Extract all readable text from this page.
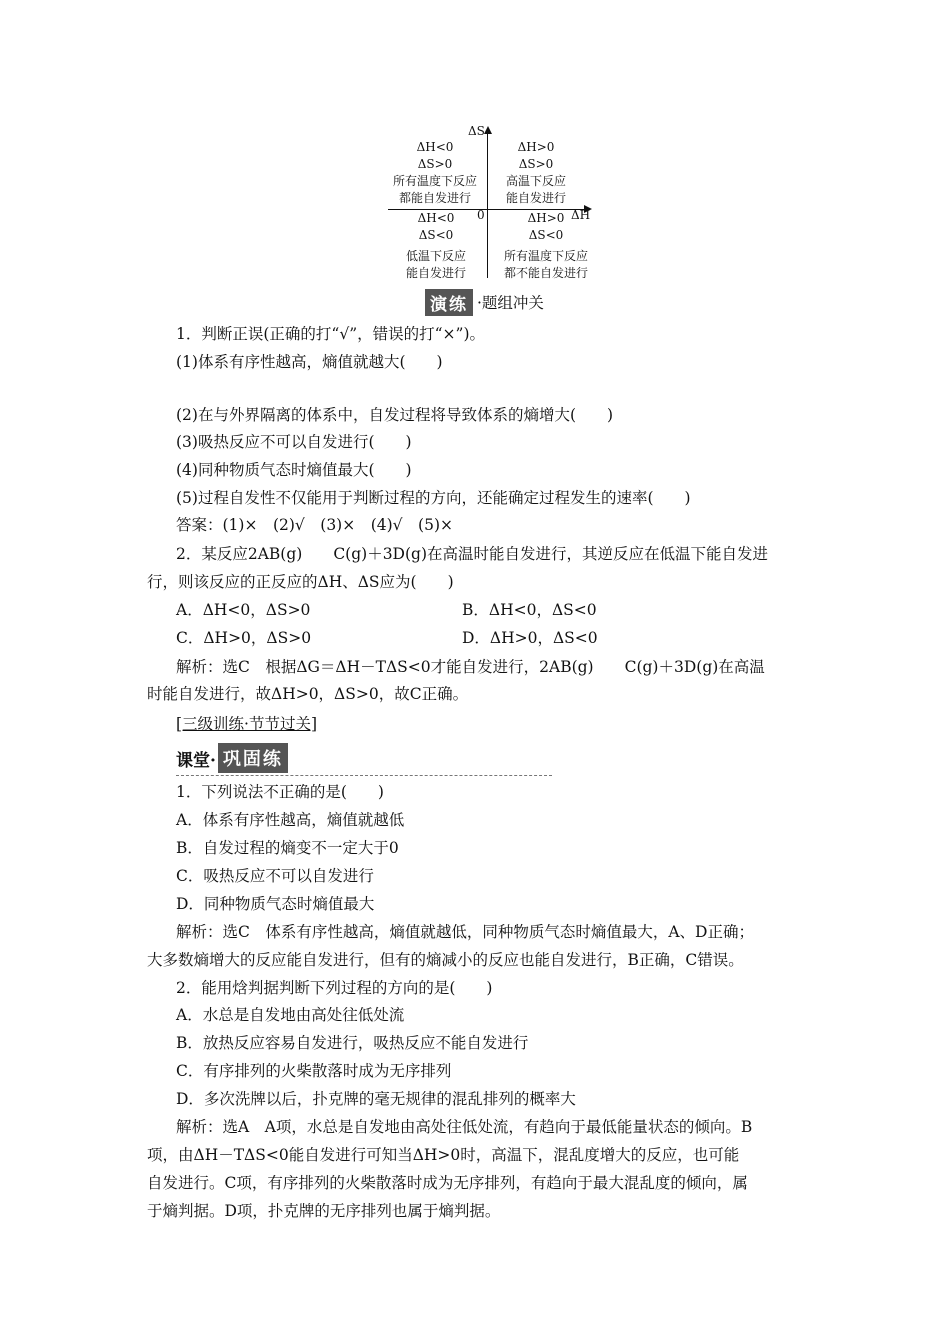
ΔS
ΔH
0
ΔH<0
ΔS>0
所有温度下反应
都能自发进行
ΔH>0
ΔS>0
高温下反应
能自发进行
ΔH<0
ΔS<0
低温下反应
能自发进行
ΔH>0
ΔS<0
所有温度下反应
都不能自发进行
演练 ·题组冲关
1．判断正误(正确的打“√”，错误的打“×”)。
(1)体系有序性越高，熵值就越大(　　)
(2)在与外界隔离的体系中，自发过程将导致体系的熵增大(　　)
(3)吸热反应不可以自发进行(　　)
(4)同种物质气态时熵值最大(　　)
(5)过程自发性不仅能用于判断过程的方向，还能确定过程发生的速率(　　)
答案：(1)×　(2)√　(3)×　(4)√　(5)×
2．某反应2AB(g)　　C(g)＋3D(g)在高温时能自发进行，其逆反应在低温下能自发进
行，则该反应的正反应的ΔH、ΔS应为(　　)
A．ΔH<0，ΔS>0	B．ΔH<0，ΔS<0
C．ΔH>0，ΔS>0	D．ΔH>0，ΔS<0
解析：选C　根据ΔG＝ΔH－TΔS<0才能自发进行，2AB(g)　　C(g)＋3D(g)在高温
时能自发进行，故ΔH>0，ΔS>0，故C正确。
[三级训练·节节过关]
课堂· 巩固练
1．下列说法不正确的是(　　)
A．体系有序性越高，熵值就越低
B．自发过程的熵变不一定大于0
C．吸热反应不可以自发进行
D．同种物质气态时熵值最大
解析：选C　体系有序性越高，熵值就越低，同种物质气态时熵值最大，A、D正确；
大多数熵增大的反应能自发进行，但有的熵减小的反应也能自发进行，B正确，C错误。
2．能用焓判据判断下列过程的方向的是(　　)
A．水总是自发地由高处往低处流
B．放热反应容易自发进行，吸热反应不能自发进行
C．有序排列的火柴散落时成为无序排列
D．多次洗牌以后，扑克牌的毫无规律的混乱排列的概率大
解析：选A　A项，水总是自发地由高处往低处流，有趋向于最低能量状态的倾向。B
项，由ΔH－TΔS<0能自发进行可知当ΔH>0时，高温下，混乱度增大的反应，也可能
自发进行。C项，有序排列的火柴散落时成为无序排列，有趋向于最大混乱度的倾向，属
于熵判据。D项，扑克牌的无序排列也属于熵判据。
